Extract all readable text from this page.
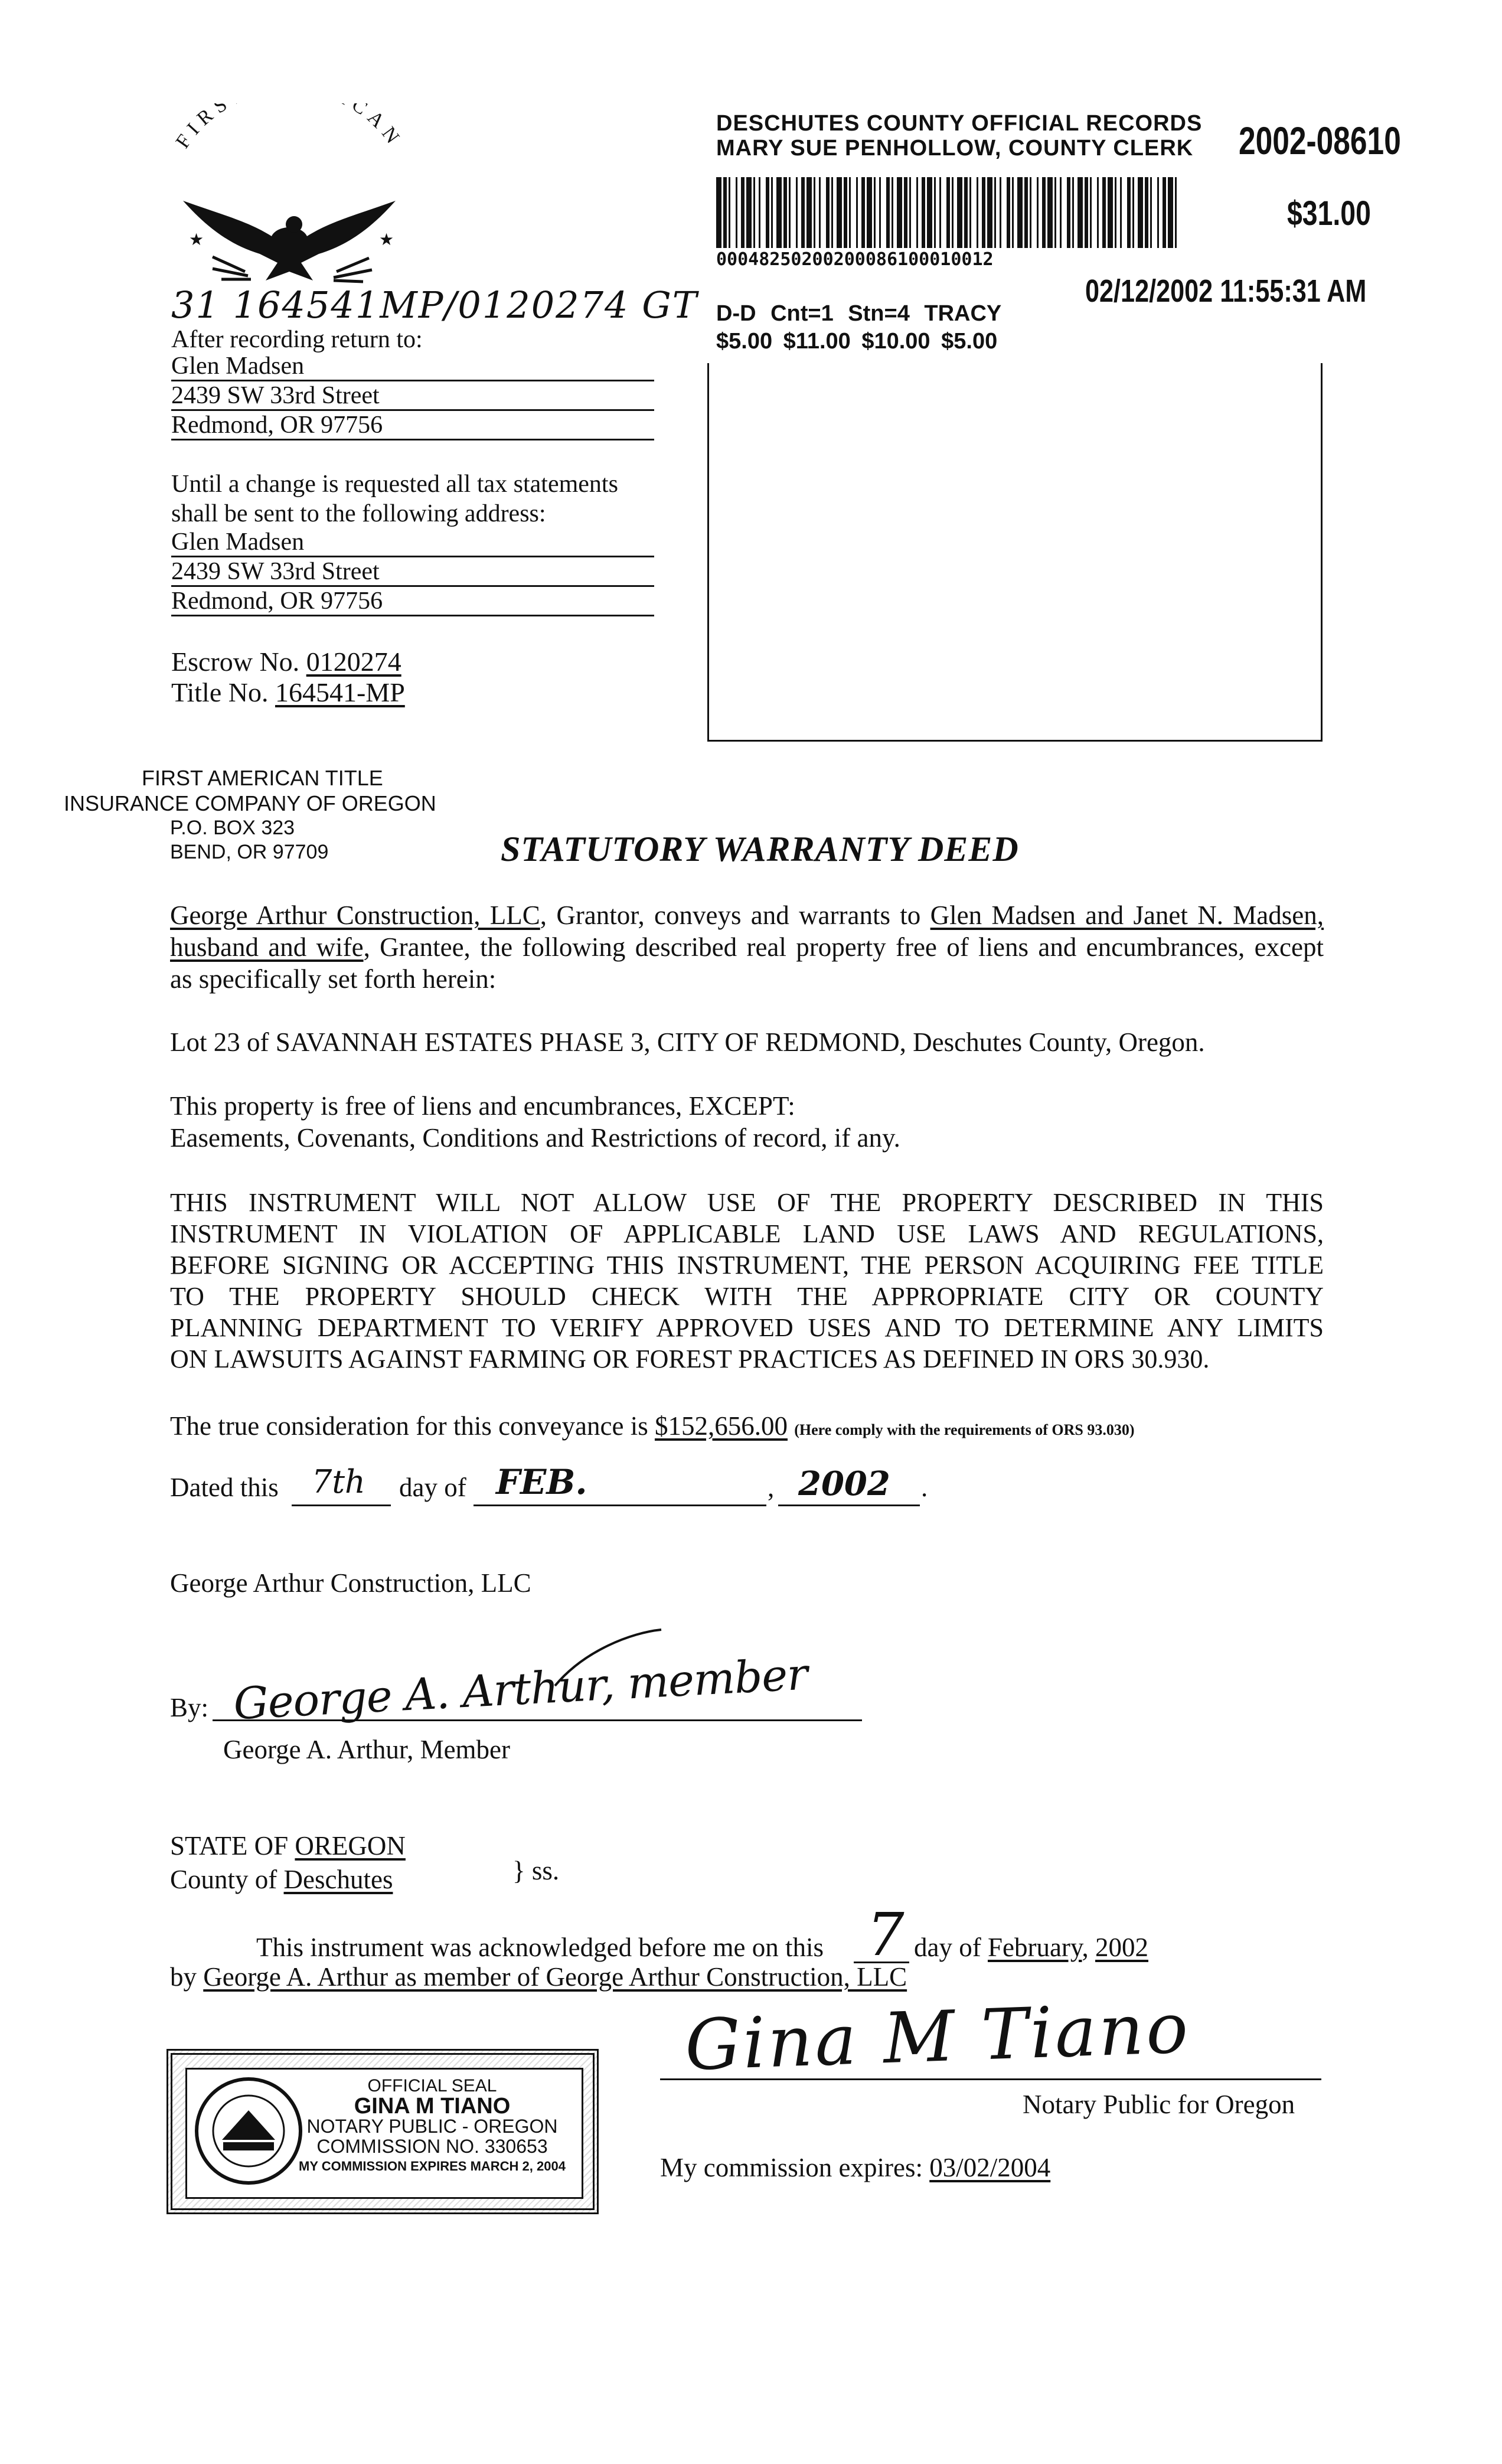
FIRS CAN
★	★
DESCHUTES COUNTY OFFICIAL RECORDS
MARY SUE PENHOLLOW, COUNTY CLERK 2002-08610
00048250200200086100010012
$31.00
02/12/2002 11:55:31 AM
D-D Cnt=1 Stn=4 TRACY
$5.00 $11.00 $10.00 $5.00
31 164541MP/0120274 GT
After recording return to:
Glen Madsen
2439 SW 33rd Street
Redmond, OR 97756
Until a change is requested all tax statements
shall be sent to the following address:
Glen Madsen
2439 SW 33rd Street
Redmond, OR 97756
Escrow No. 0120274
Title No. 164541-MP
FIRST AMERICAN TITLE
INSURANCE COMPANY OF OREGON
P.O. BOX 323
BEND, OR 97709	STATUTORY WARRANTY DEED
George Arthur Construction, LLC, Grantor, conveys and warrants to Glen Madsen and Janet N. Madsen,
husband and wife, Grantee, the following described real property free of liens and encumbrances, except
as specifically set forth herein:
Lot 23 of SAVANNAH ESTATES PHASE 3, CITY OF REDMOND, Deschutes County, Oregon.
This property is free of liens and encumbrances, EXCEPT:
Easements, Covenants, Conditions and Restrictions of record, if any.
THIS INSTRUMENT WILL NOT ALLOW USE OF THE PROPERTY DESCRIBED IN THIS
INSTRUMENT IN VIOLATION OF APPLICABLE LAND USE LAWS AND REGULATIONS,
BEFORE SIGNING OR ACCEPTING THIS INSTRUMENT, THE PERSON ACQUIRING FEE TITLE
TO THE PROPERTY SHOULD CHECK WITH THE APPROPRIATE CITY OR COUNTY
PLANNING DEPARTMENT TO VERIFY APPROVED USES AND TO DETERMINE ANY LIMITS
ON LAWSUITS AGAINST FARMING OR FOREST PRACTICES AS DEFINED IN ORS 30.930.
The true consideration for this conveyance is $152,656.00 (Here comply with the requirements of ORS 93.030)
Dated this 7th day of FEB.	, 2002 .
George Arthur Construction, LLC
By: George A. Arthur, member
George A. Arthur, Member
STATE OF OREGON
County of Deschutes	} ss.
This instrument was acknowledged before me on this 7 day of February, 2002
by George A. Arthur as member of George Arthur Construction, LLC
OFFICIAL SEAL
GINA M TIANO
NOTARY PUBLIC - OREGON
COMMISSION NO. 330653
MY COMMISSION EXPIRES MARCH 2, 2004
Gina M Tiano
Notary Public for Oregon
My commission expires: 03/02/2004
